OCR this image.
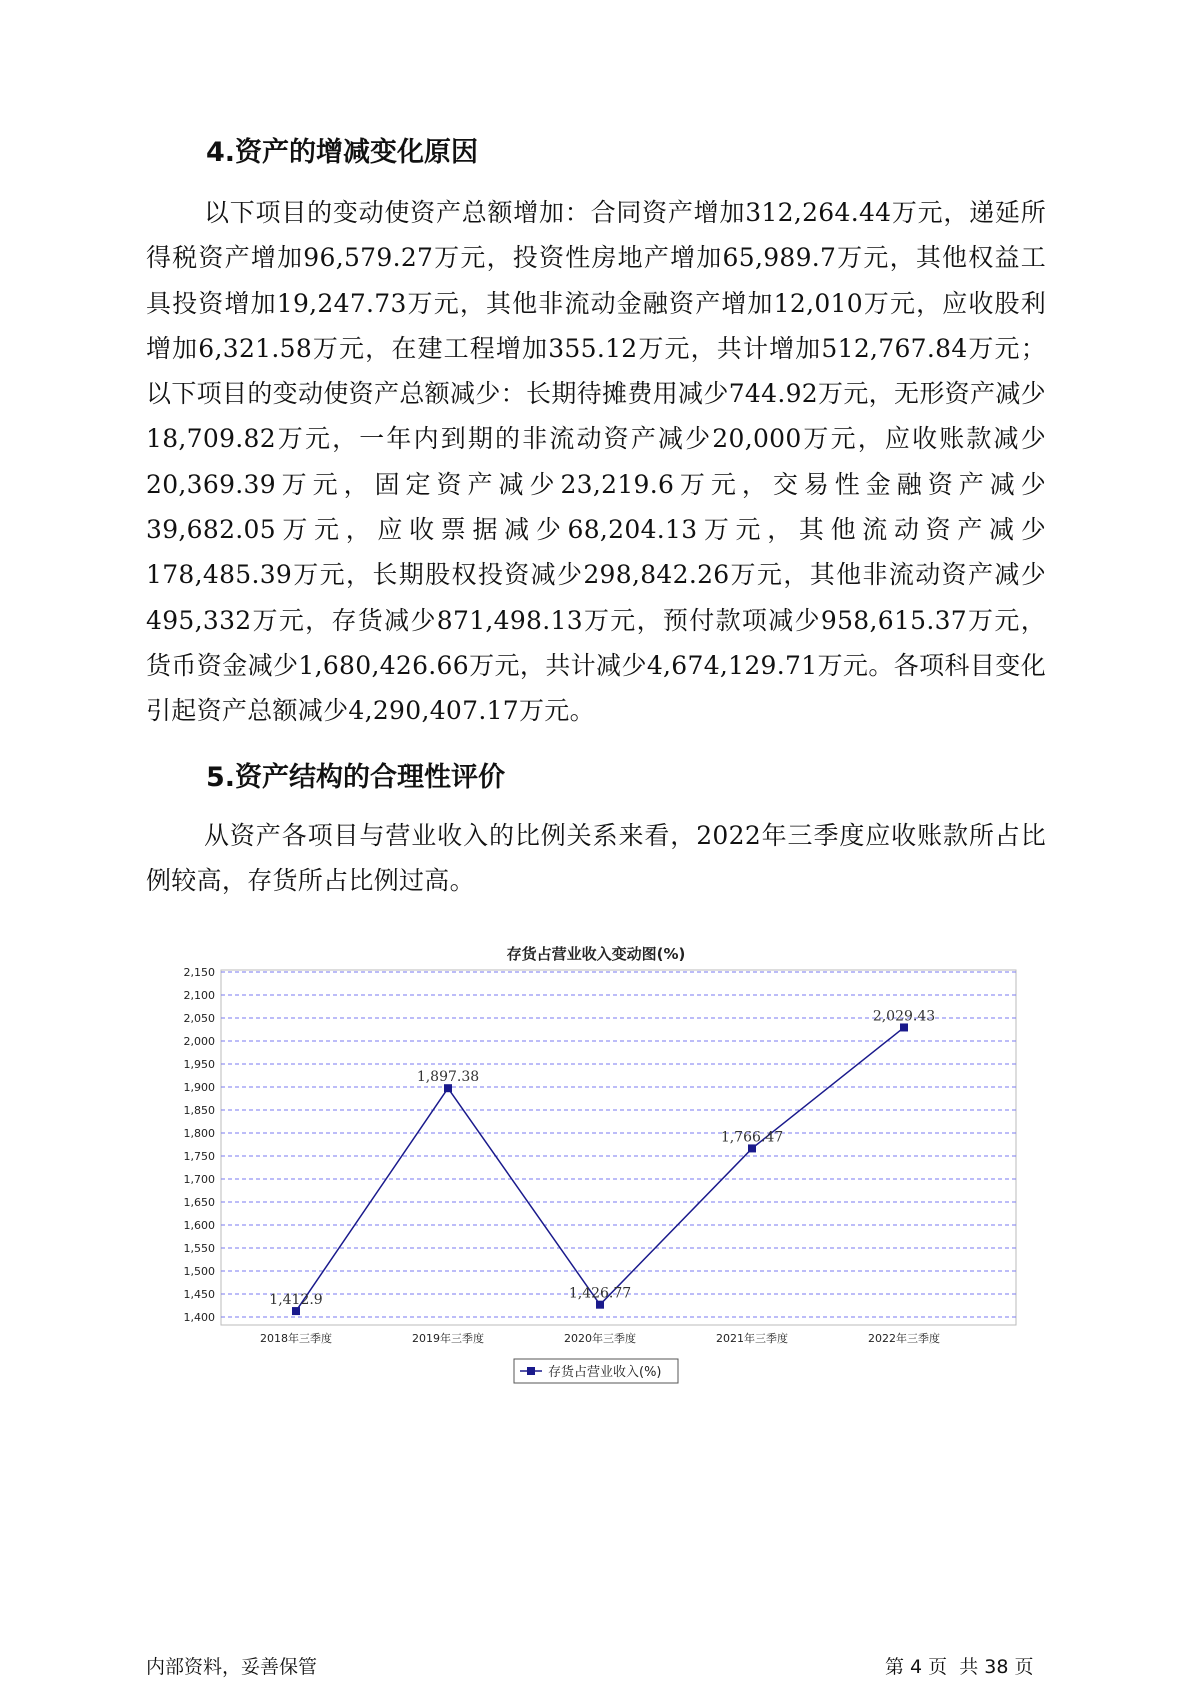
4.资产的增减变化原因

以下项目的变动使资产总额增加：合同资产增加312,264.44万元，递延所得税资产增加96,579.27万元，投资性房地产增加65,989.7万元，其他权益工具投资增加19,247.73万元，其他非流动金融资产增加12,010万元，应收股利增加6,321.58万元，在建工程增加355.12万元，共计增加512,767.84万元；以下项目的变动使资产总额减少：长期待摊费用减少744.92万元，无形资产减少18,709.82万元，一年内到期的非流动资产减少20,000万元，应收账款减少20,369.39万元，固定资产减少23,219.6万元，交易性金融资产减少39,682.05万元，应收票据减少68,204.13万元，其他流动资产减少178,485.39万元，长期股权投资减少298,842.26万元，其他非流动资产减少495,332万元，存货减少871,498.13万元，预付款项减少958,615.37万元，货币资金减少1,680,426.66万元，共计减少4,674,129.71万元。各项科目变化引起资产总额减少4,290,407.17万元。

5.资产结构的合理性评价

从资产各项目与营业收入的比例关系来看，2022年三季度应收账款所占比例较高，存货所占比例过高。

存货占营业收入变动图(%)
1,400
1,450
1,500
1,550
1,600
1,650
1,700
1,750
1,800
1,850
1,900
1,950
2,000
2,050
2,100
2,150
2018年三季度	2019年三季度	2020年三季度	2021年三季度	2022年三季度
1,412.9
1,897.38
1,426.77
1,766.47
2,029.43
存货占营业收入(%)
内部资料，妥善保管	第 4 页  共 38 页
